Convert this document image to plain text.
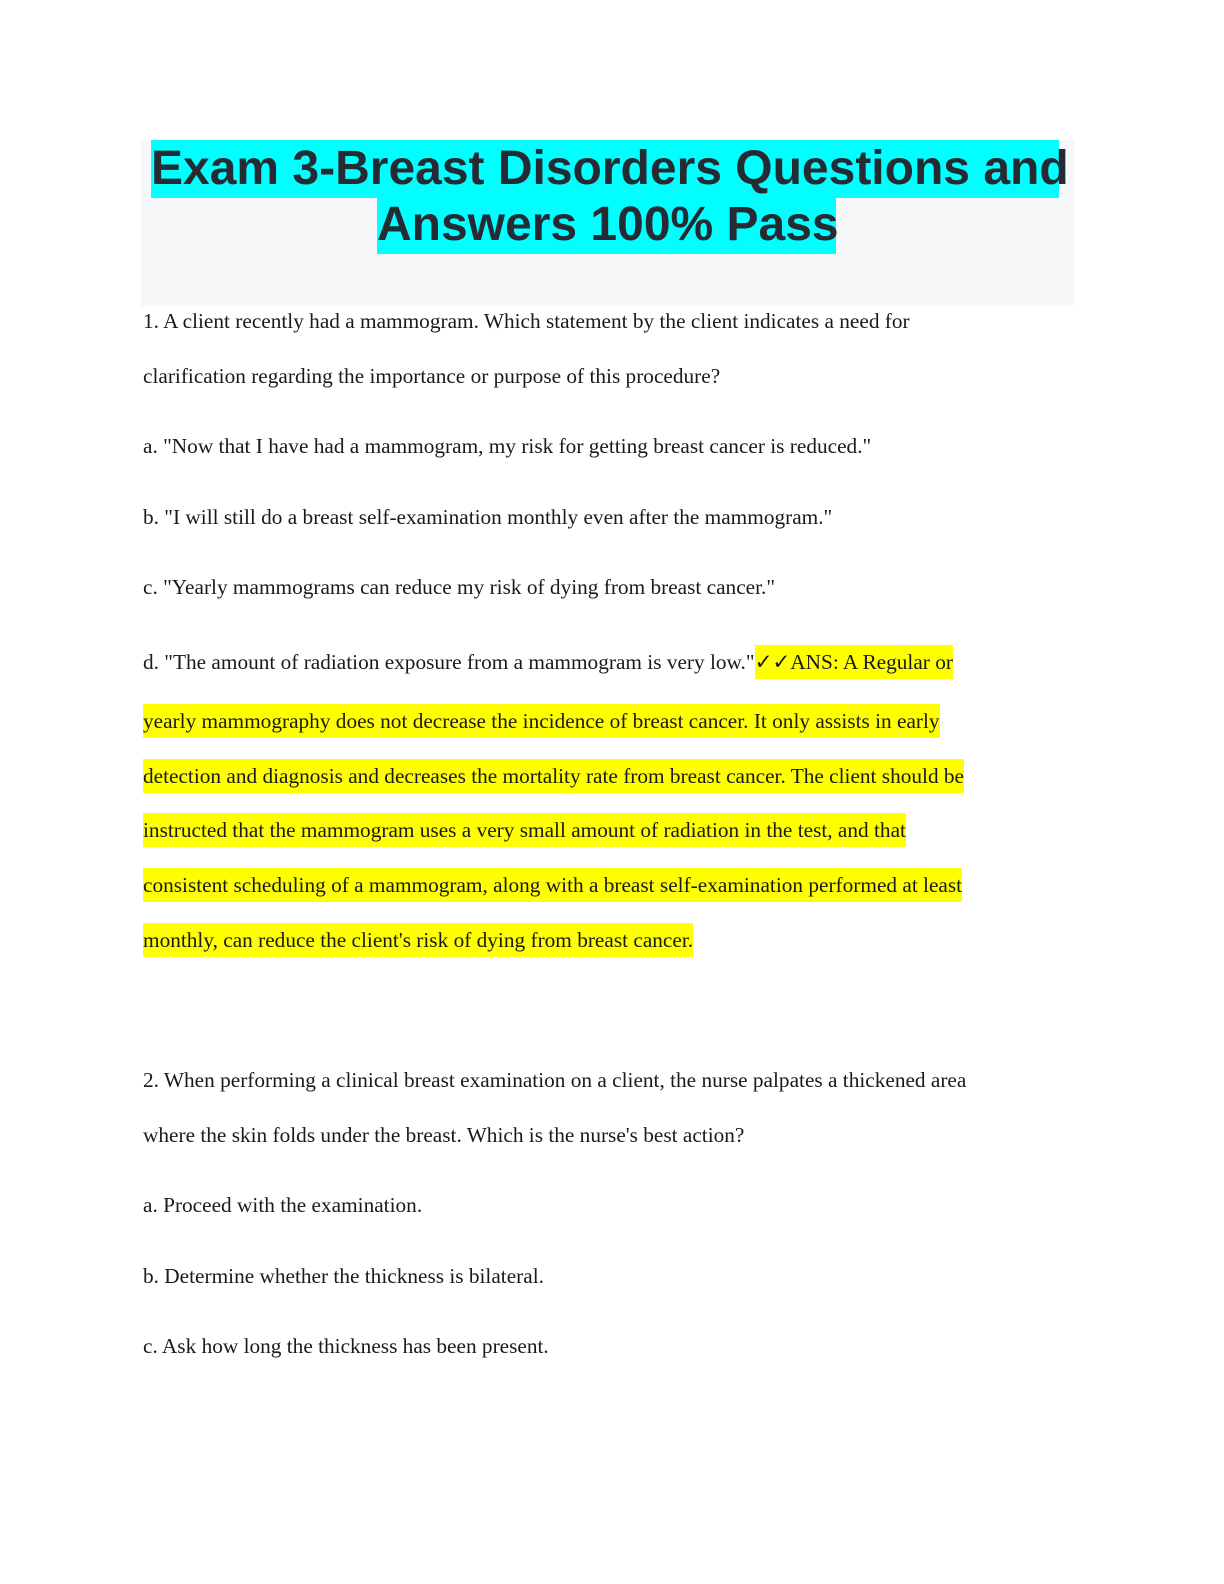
Exam 3-Breast Disorders Questions and
Answers 100% Pass
1. A client recently had a mammogram. Which statement by the client indicates a need for
clarification regarding the importance or purpose of this procedure?
a. "Now that I have had a mammogram, my risk for getting breast cancer is reduced."
b. "I will still do a breast self-examination monthly even after the mammogram."
c. "Yearly mammograms can reduce my risk of dying from breast cancer."
d. "The amount of radiation exposure from a mammogram is very low."✓✓ANS: A Regular or
yearly mammography does not decrease the incidence of breast cancer. It only assists in early
detection and diagnosis and decreases the mortality rate from breast cancer. The client should be
instructed that the mammogram uses a very small amount of radiation in the test, and that
consistent scheduling of a mammogram, along with a breast self-examination performed at least
monthly, can reduce the client's risk of dying from breast cancer.
2. When performing a clinical breast examination on a client, the nurse palpates a thickened area
where the skin folds under the breast. Which is the nurse's best action?
a. Proceed with the examination.
b. Determine whether the thickness is bilateral.
c. Ask how long the thickness has been present.
